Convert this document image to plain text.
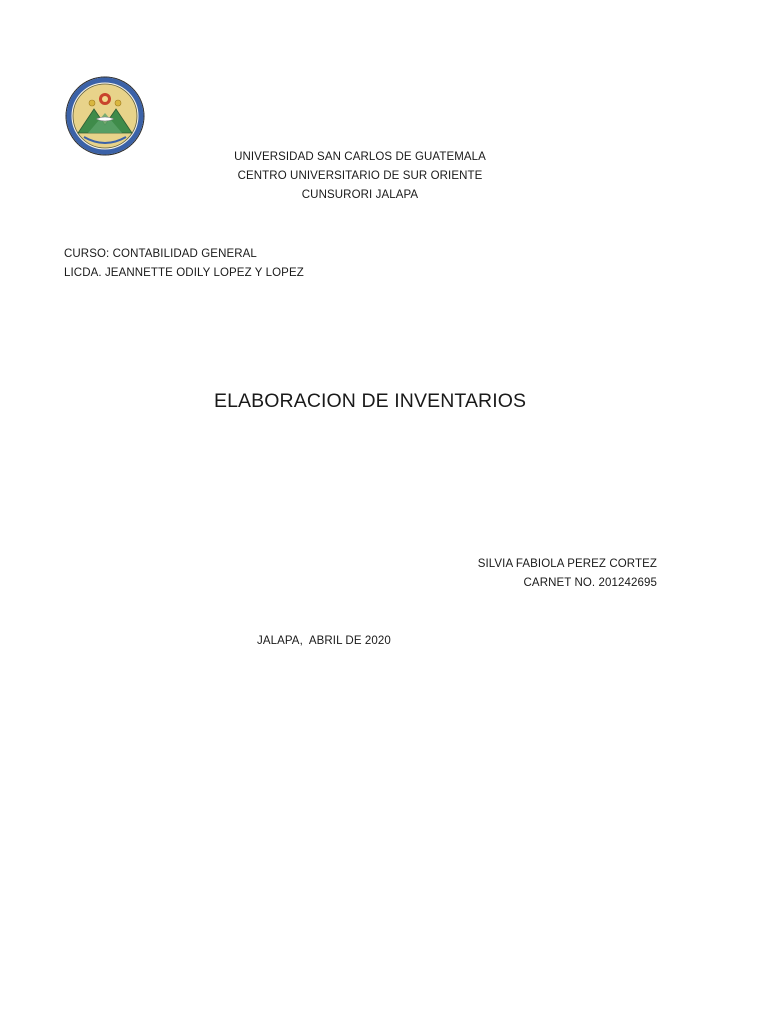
UNIVERSIDAD SAN CARLOS DE GUATEMALA
CENTRO UNIVERSITARIO DE SUR ORIENTE
CUNSURORI JALAPA
CURSO: CONTABILIDAD GENERAL
LICDA. JEANNETTE ODILY LOPEZ Y LOPEZ
ELABORACION DE INVENTARIOS
SILVIA FABIOLA PEREZ CORTEZ
CARNET NO. 201242695
JALAPA,  ABRIL DE 2020
